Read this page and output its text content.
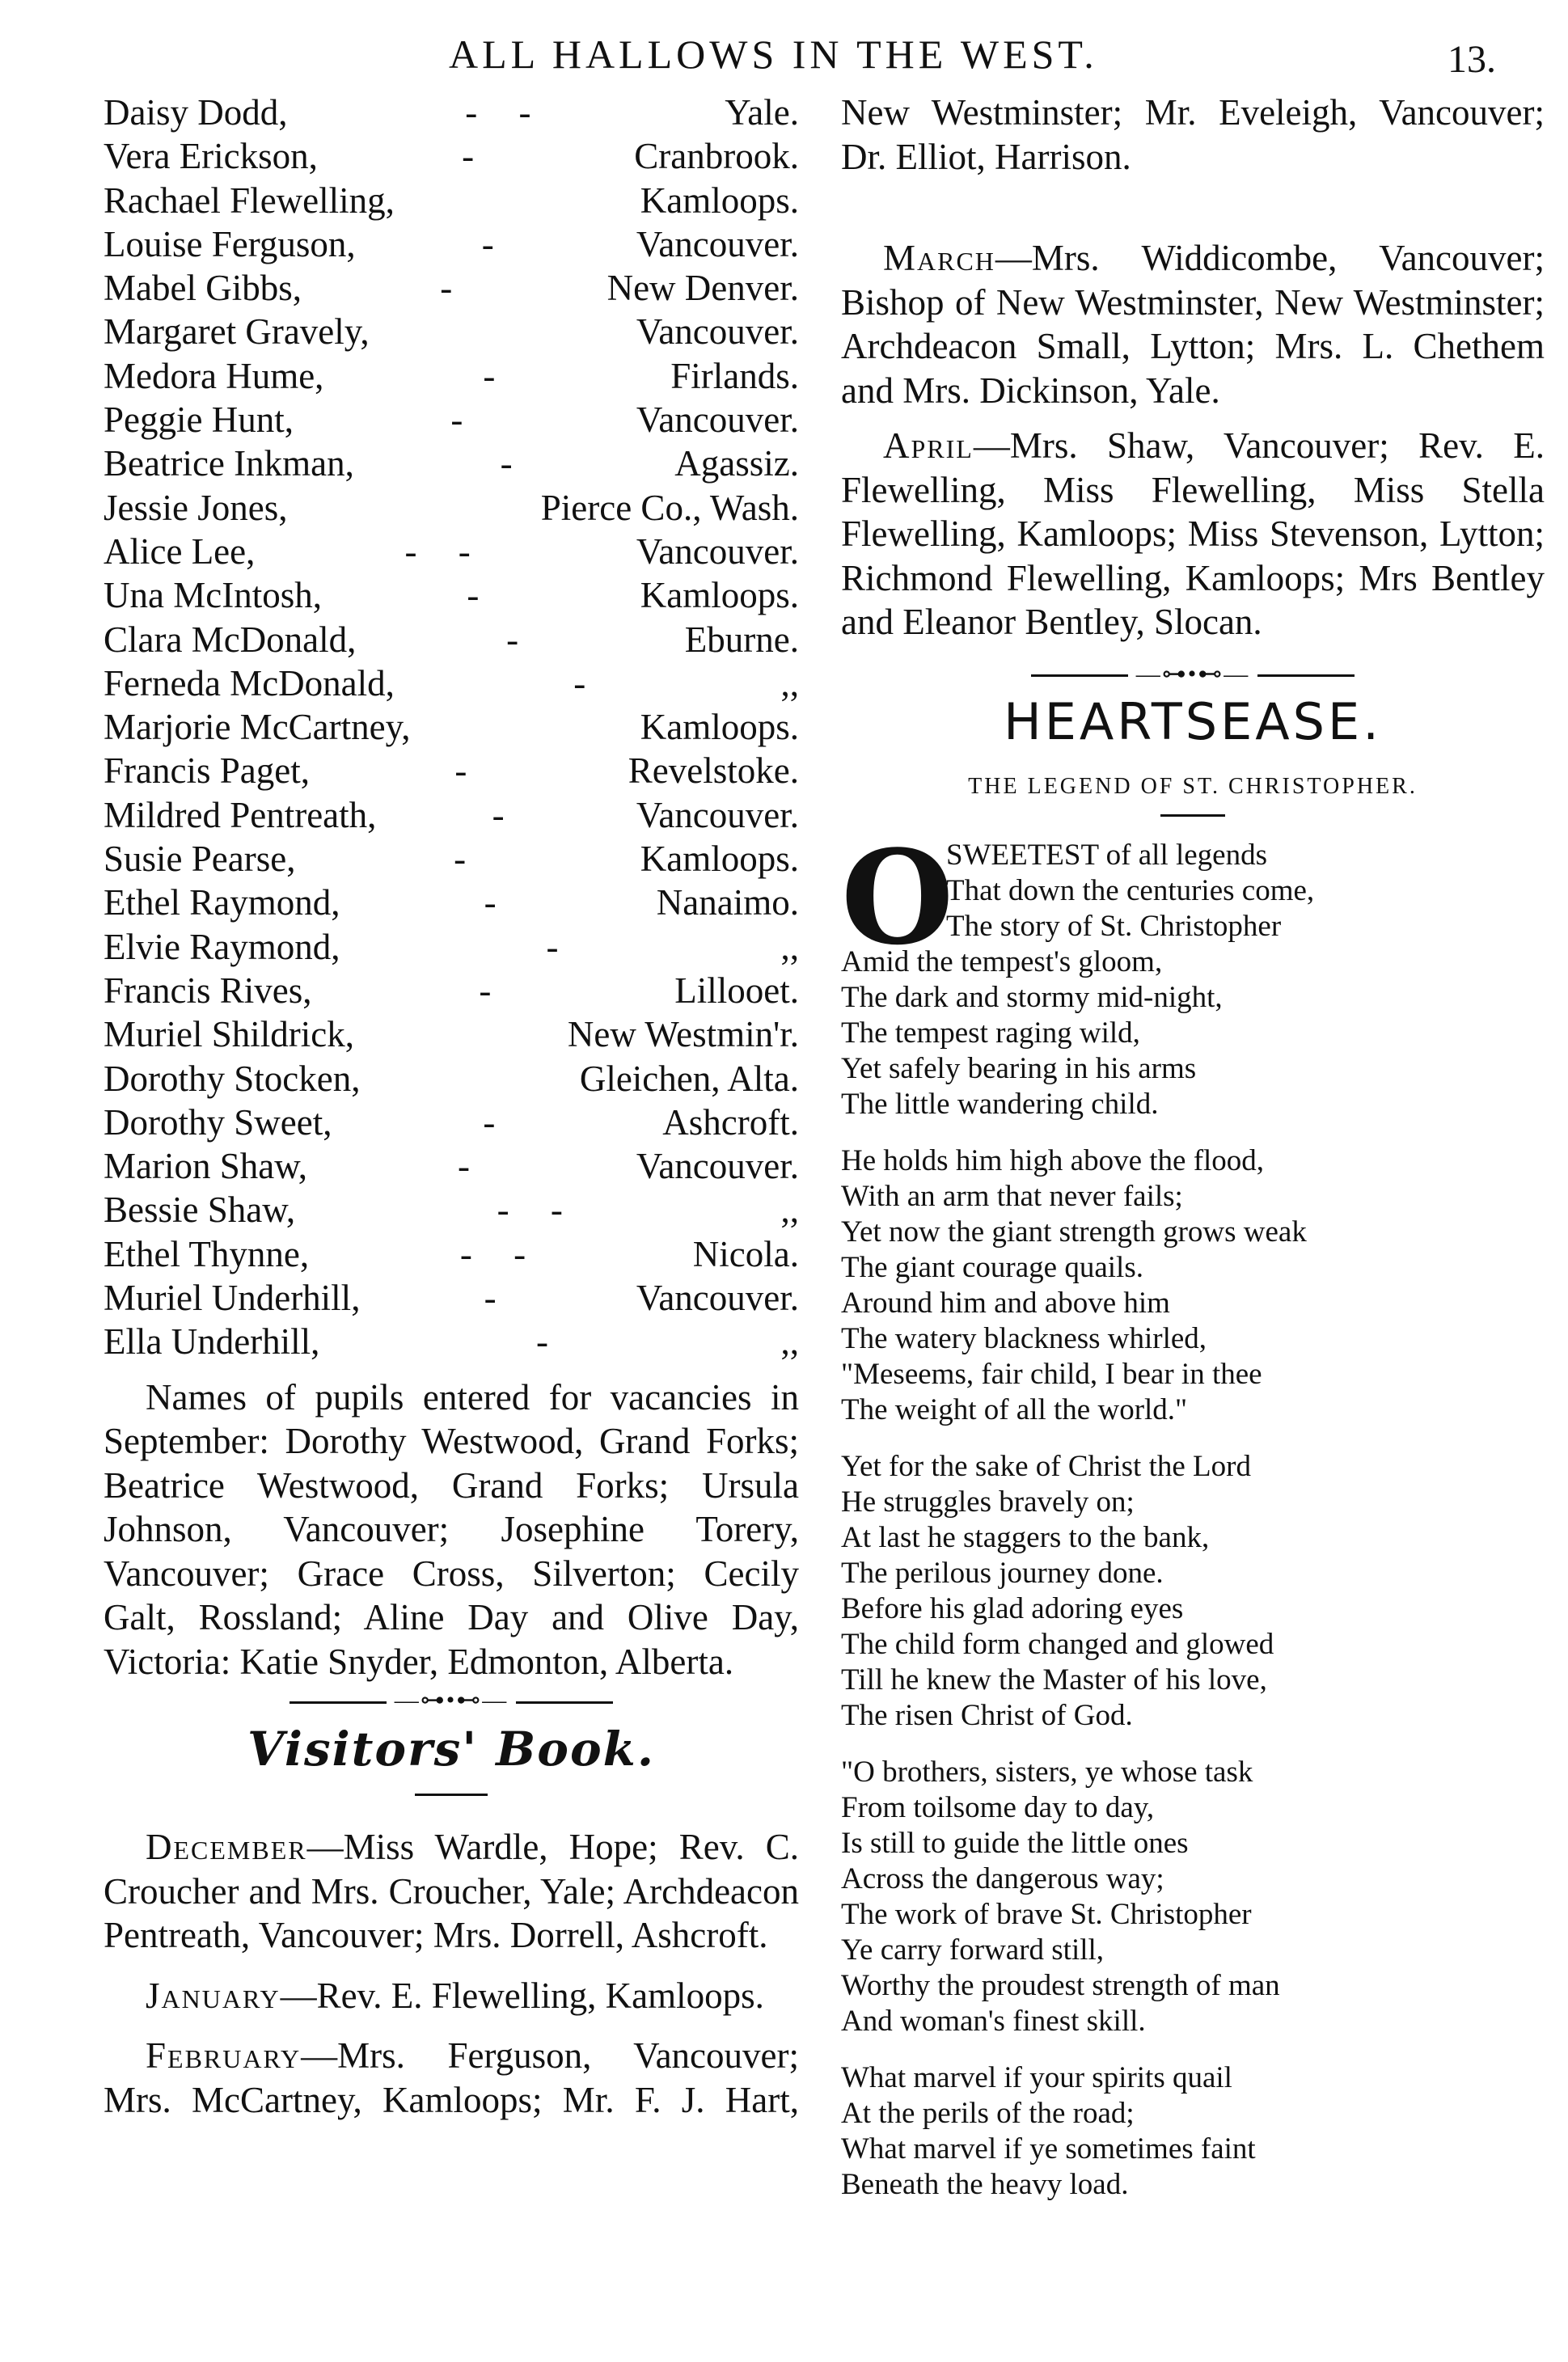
ALL HALLOWS IN THE WEST.	13.
Daisy Dodd,	- -	Yale.
Vera Erickson,	-	Cranbrook.
Rachael Flewelling,	Kamloops.
Louise Ferguson,	-	Vancouver.
Mabel Gibbs,	-	New Denver.
Margaret Gravely,	Vancouver.
Medora Hume,	-	Firlands.
Peggie Hunt,	-	Vancouver.
Beatrice Inkman,	-	Agassiz.
Jessie Jones,	Pierce Co., Wash.
Alice Lee,	- -	Vancouver.
Una McIntosh,	-	Kamloops.
Clara McDonald,	-	Eburne.
Ferneda McDonald,	-	,,
Marjorie McCartney,	Kamloops.
Francis Paget,	-	Revelstoke.
Mildred Pentreath,	-	Vancouver.
Susie Pearse,	-	Kamloops.
Ethel Raymond,	-	Nanaimo.
Elvie Raymond,	-	,,
Francis Rives,	-	Lillooet.
Muriel Shildrick,	New Westmin'r.
Dorothy Stocken,	Gleichen, Alta.
Dorothy Sweet,	-	Ashcroft.
Marion Shaw,	-	Vancouver.
Bessie Shaw,	- -	,,
Ethel Thynne,	- -	Nicola.
Muriel Underhill,	-	Vancouver.
Ella Underhill,	-	,,

Names of pupils entered for vacancies in September: Dorothy Westwood, Grand Forks; Beatrice Westwood, Grand Forks; Ursula Johnson, Vancouver; Josephine Torery, Vancouver; Grace Cross, Silverton; Cecily Galt, Rossland; Aline Day and Olive Day, Victoria: Katie Snyder, Edmonton, Alberta.

—⊶•⊷—
Visitors' Book.

December—Miss Wardle, Hope; Rev. C. Croucher and Mrs. Croucher, Yale; Archdeacon Pentreath, Vancouver; Mrs. Dorrell, Ashcroft.

January—Rev. E. Flewelling, Kamloops.

February—Mrs. Ferguson, Vancouver; Mrs. McCartney, Kamloops; Mr. F. J. Hart,

New Westminster; Mr. Eveleigh, Vancouver; Dr. Elliot, Harrison.

March—Mrs. Widdicombe, Vancouver; Bishop of New Westminster, New Westminster; Archdeacon Small, Lytton; Mrs. L. Chethem and Mrs. Dickinson, Yale.

April—Mrs. Shaw, Vancouver; Rev. E. Flewelling, Miss Flewelling, Miss Stella Flewelling, Kamloops; Miss Stevenson, Lytton; Richmond Flewelling, Kamloops; Mrs Bentley and Eleanor Bentley, Slocan.

—⊶•⊷—
HEARTSEASE.
THE LEGEND OF ST. CHRISTOPHER.
O
SWEETEST of all legends
That down the centuries come,
The story of St. Christopher
Amid the tempest's gloom,
The dark and stormy mid-night,
The tempest raging wild,
Yet safely bearing in his arms
The little wandering child.
He holds him high above the flood,
With an arm that never fails;
Yet now the giant strength grows weak
The giant courage quails.
Around him and above him
The watery blackness whirled,
"Meseems, fair child, I bear in thee
The weight of all the world."
Yet for the sake of Christ the Lord
He struggles bravely on;
At last he staggers to the bank,
The perilous journey done.
Before his glad adoring eyes
The child form changed and glowed
Till he knew the Master of his love,
The risen Christ of God.
"O brothers, sisters, ye whose task
From toilsome day to day,
Is still to guide the little ones
Across the dangerous way;
The work of brave St. Christopher
Ye carry forward still,
Worthy the proudest strength of man
And woman's finest skill.
What marvel if your spirits quail
At the perils of the road;
What marvel if ye sometimes faint
Beneath the heavy load.
